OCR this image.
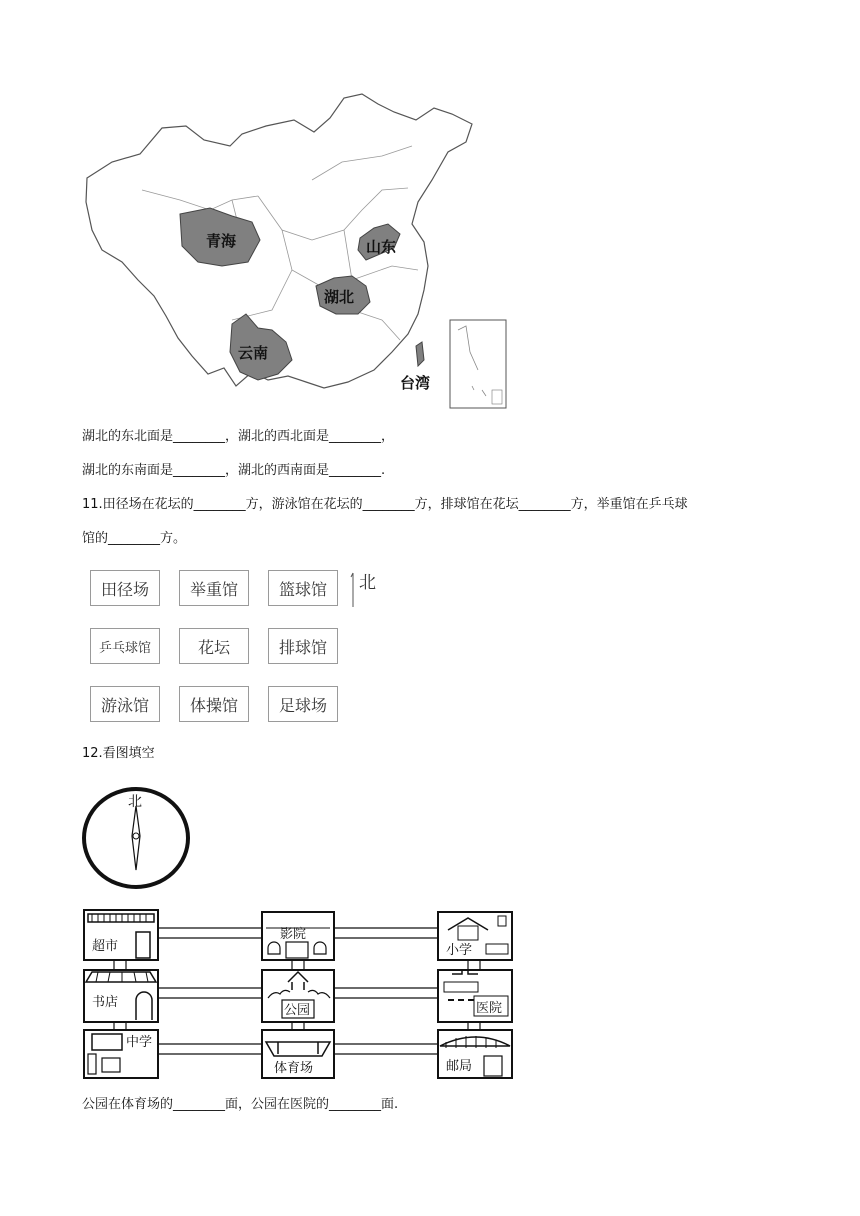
青海	山东
湖北
云南
台湾
湖北的东北面是________，湖北的西北面是________，
湖北的东南面是________，湖北的西南面是________.
11.田径场在花坛的________方，游泳馆在花坛的________方，排球馆在花坛________方，举重馆在乒乓球
馆的________方。
田径场	举重馆	篮球馆
乒乓球馆	花坛	排球馆
游泳馆	体操馆	足球场
北
12.看图填空
北
超市
影院
小学
书店
公园	医院
中学
体育场	邮局
公园在体育场的________面，公园在医院的________面.
